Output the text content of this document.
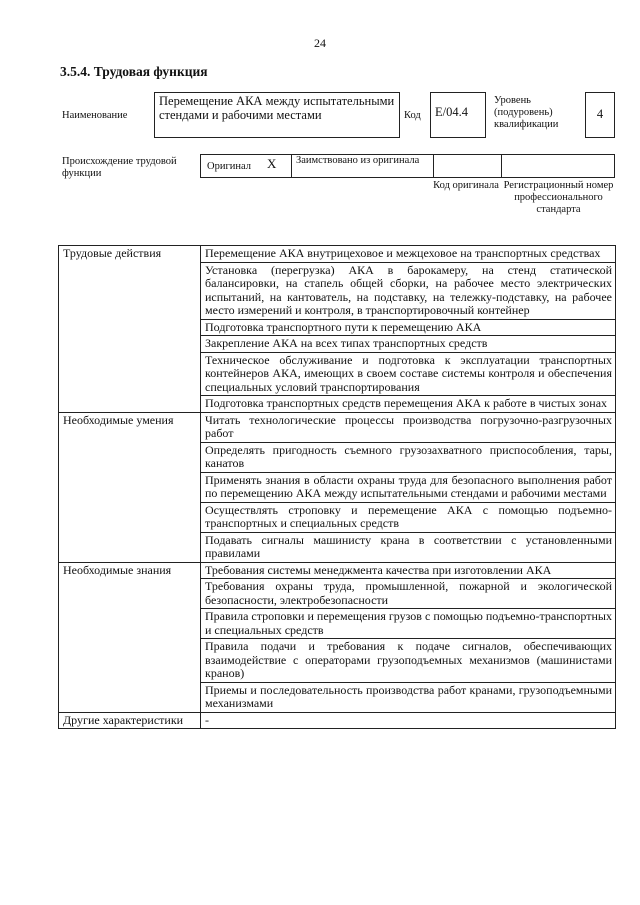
24
3.5.4. Трудовая функция
Наименование
Перемещение АКА между испытательными стендами и рабочими местами	Код	E/04.4
Уровень (подуровень) квалификации
4
Происхождение трудовой функции
Оригинал X Заимствовано из оригинала
Код оригинала Регистрационный номер профессионального стандарта
Трудовые действия	Перемещение АКА внутрицеховое и межцеховое на транспортных средствах
	Установка (перегрузка) АКА в барокамеру, на стенд статической балансировки, на стапель общей сборки, на рабочее место электрических испытаний, на кантователь, на подставку, на тележку-подставку, на рабочее место измерений и контроля, в транспортировочный контейнер
	Подготовка транспортного пути к перемещению АКА
	Закрепление АКА на всех типах транспортных средств
	Техническое обслуживание и подготовка к эксплуатации транспортных контейнеров АКА, имеющих в своем составе системы контроля и обеспечения специальных условий транспортирования
	Подготовка транспортных средств перемещения АКА к работе в чистых зонах
Необходимые умения	Читать технологические процессы производства погрузочно-разгрузочных работ
	Определять пригодность съемного грузозахватного приспособления, тары, канатов
	Применять знания в области охраны труда для безопасного выполнения работ по перемещению АКА между испытательными стендами и рабочими местами
	Осуществлять строповку и перемещение АКА с помощью подъемно-транспортных и специальных средств
	Подавать сигналы машинисту крана в соответствии с установленными правилами
Необходимые знания	Требования системы менеджмента качества при изготовлении АКА
	Требования охраны труда, промышленной, пожарной и экологической безопасности, электробезопасности
	Правила строповки и перемещения грузов с помощью подъемно-транспортных и специальных средств
	Правила подачи и требования к подаче сигналов, обеспечивающих взаимодействие с операторами грузоподъемных механизмов (машинистами кранов)
	Приемы и последовательность производства работ кранами, грузоподъемными механизмами
Другие характеристики	-
